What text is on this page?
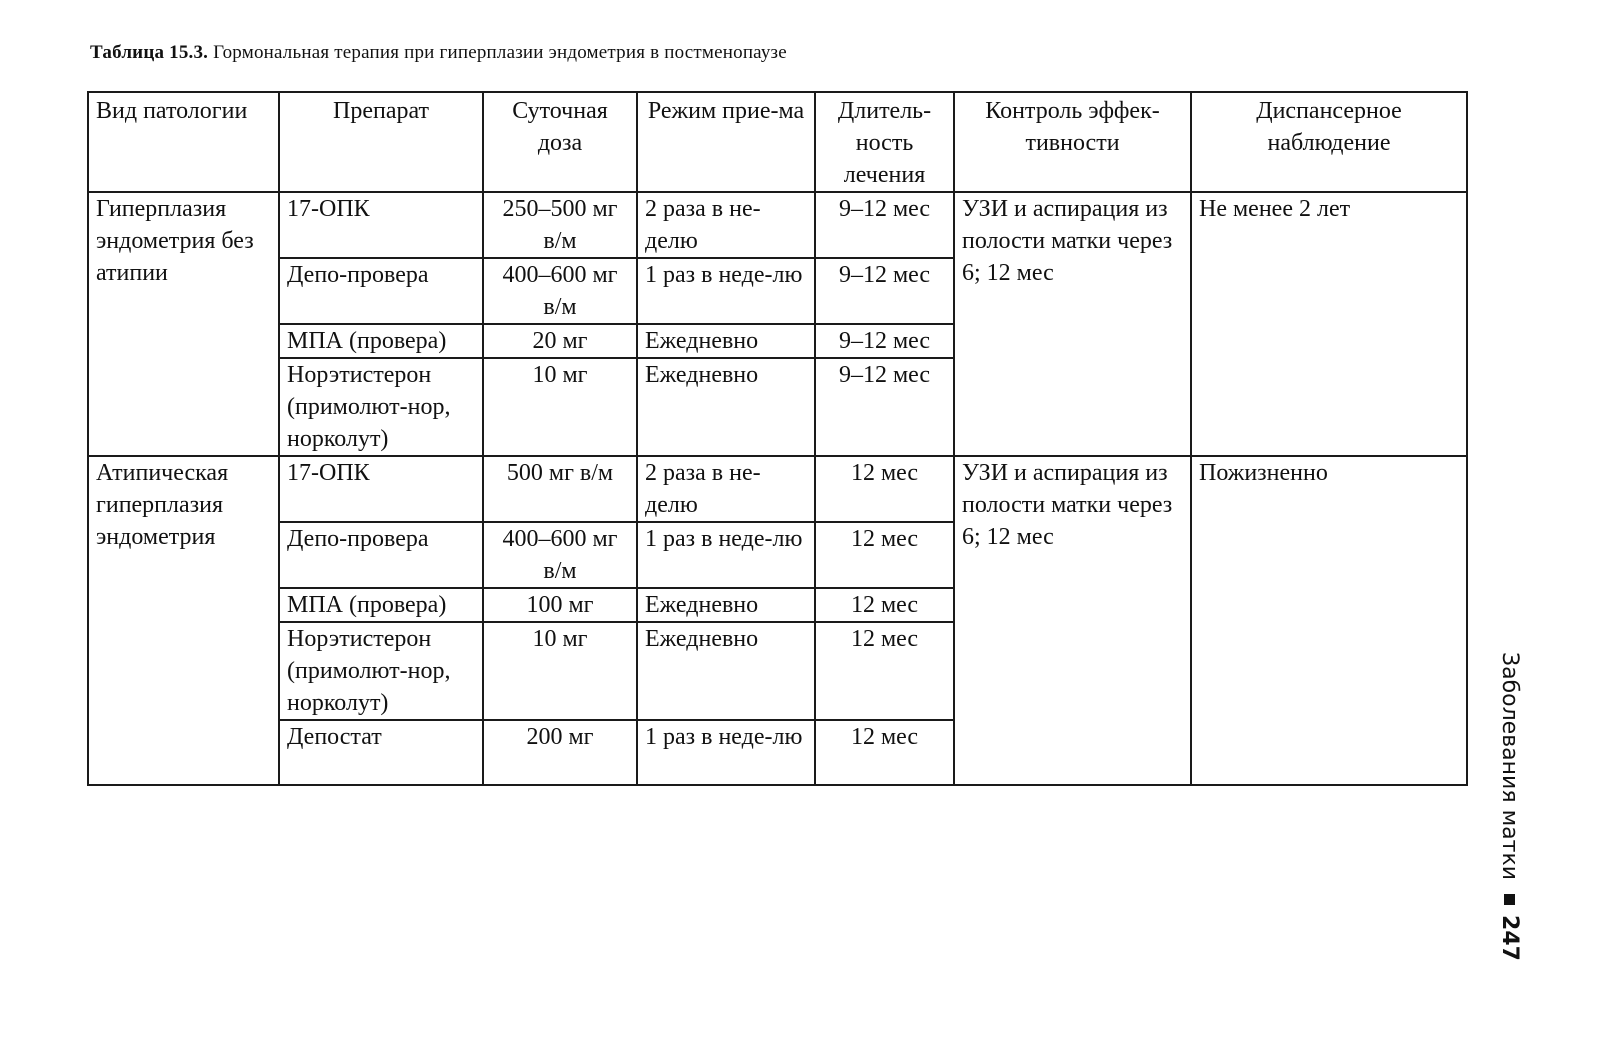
Таблица 15.3. Гормональная терапия при гиперплазии эндометрия в постменопаузе
Вид патологии	Препарат	Суточная доза	Режим прие-ма	Длитель-ность лечения	Контроль эффек-тивности	Диспансерное наблюдение
Гиперплазия эндометрия без атипии	17-ОПК	250–500 мг в/м	2 раза в не-делю	9–12 мес	УЗИ и аспирация из полости матки через 6; 12 мес	Не менее 2 лет
	Депо-провера	400–600 мг в/м	1 раз в неде-лю	9–12 мес		
	МПА (провера)	20 мг	Ежедневно	9–12 мес		
	Норэтистерон (примолют-нор, норколут)	10 мг	Ежедневно	9–12 мес		
Атипическая гиперплазия эндометрия	17-ОПК	500 мг в/м	2 раза в не-делю	12 мес	УЗИ и аспирация из полости матки через 6; 12 мес	Пожизненно
	Депо-провера	400–600 мг в/м	1 раз в неде-лю	12 мес		
	МПА (провера)	100 мг	Ежедневно	12 мес		
	Норэтистерон (примолют-нор, норколут)	10 мг	Ежедневно	12 мес		
	Депостат	200 мг	1 раз в неде-лю	12 мес			Заболевания матки247
